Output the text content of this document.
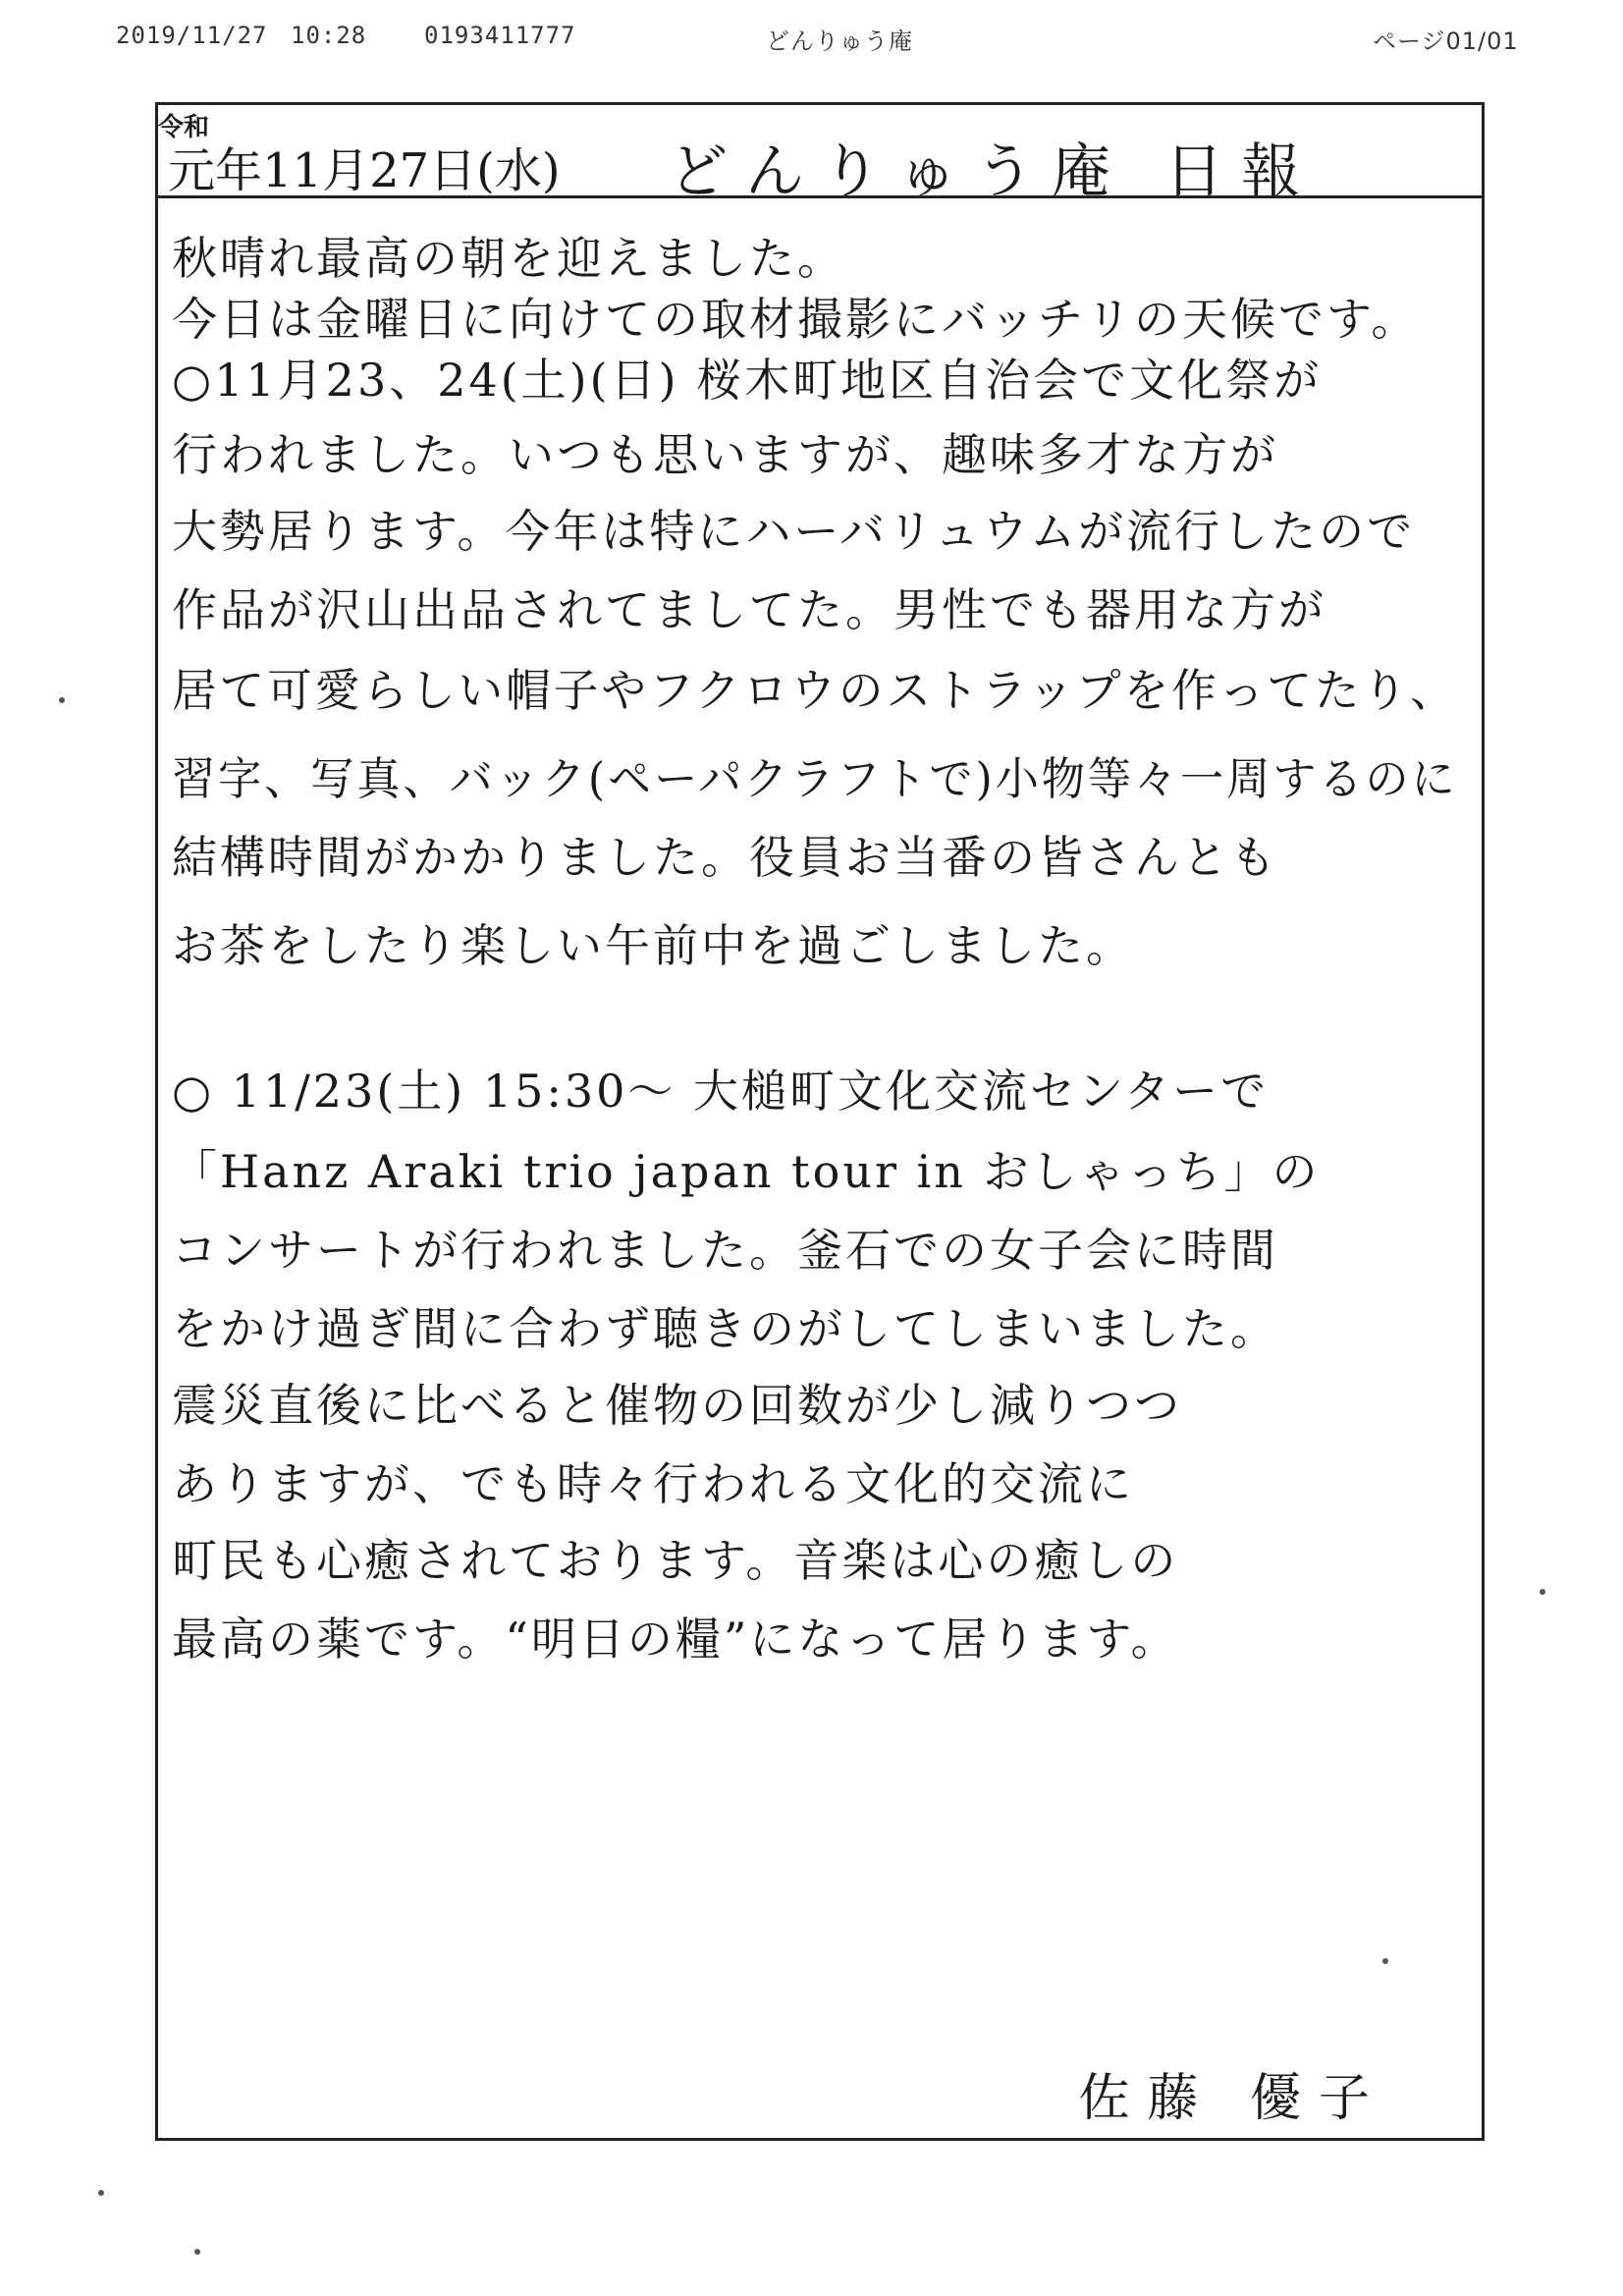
2019/11/27 10:28 0193411777	どんりゅう庵	ページ01/01
令和
元年11月27日(水) どんりゅう庵 日報
秋晴れ最高の朝を迎えました。
今日は金曜日に向けての取材撮影にバッチリの天候です。
○11月23、24(土)(日) 桜木町地区自治会で文化祭が
行われました。いつも思いますが、趣味多才な方が
大勢居ります。今年は特にハーバリュウムが流行したので
作品が沢山出品されてましてた。男性でも器用な方が
居て可愛らしい帽子やフクロウのストラップを作ってたり、
習字、写真、バック(ペーパクラフトで)小物等々一周するのに
結構時間がかかりました。役員お当番の皆さんとも
お茶をしたり楽しい午前中を過ごしました。
○ 11/23(土) 15:30〜 大槌町文化交流センターで
「Hanz Araki trio japan tour in おしゃっち」の
コンサートが行われました。釜石での女子会に時間
をかけ過ぎ間に合わず聴きのがしてしまいました。
震災直後に比べると催物の回数が少し減りつつ
ありますが、でも時々行われる文化的交流に
町民も心癒されております。音楽は心の癒しの
最高の薬です。“明日の糧”になって居ります。
佐藤 優子
